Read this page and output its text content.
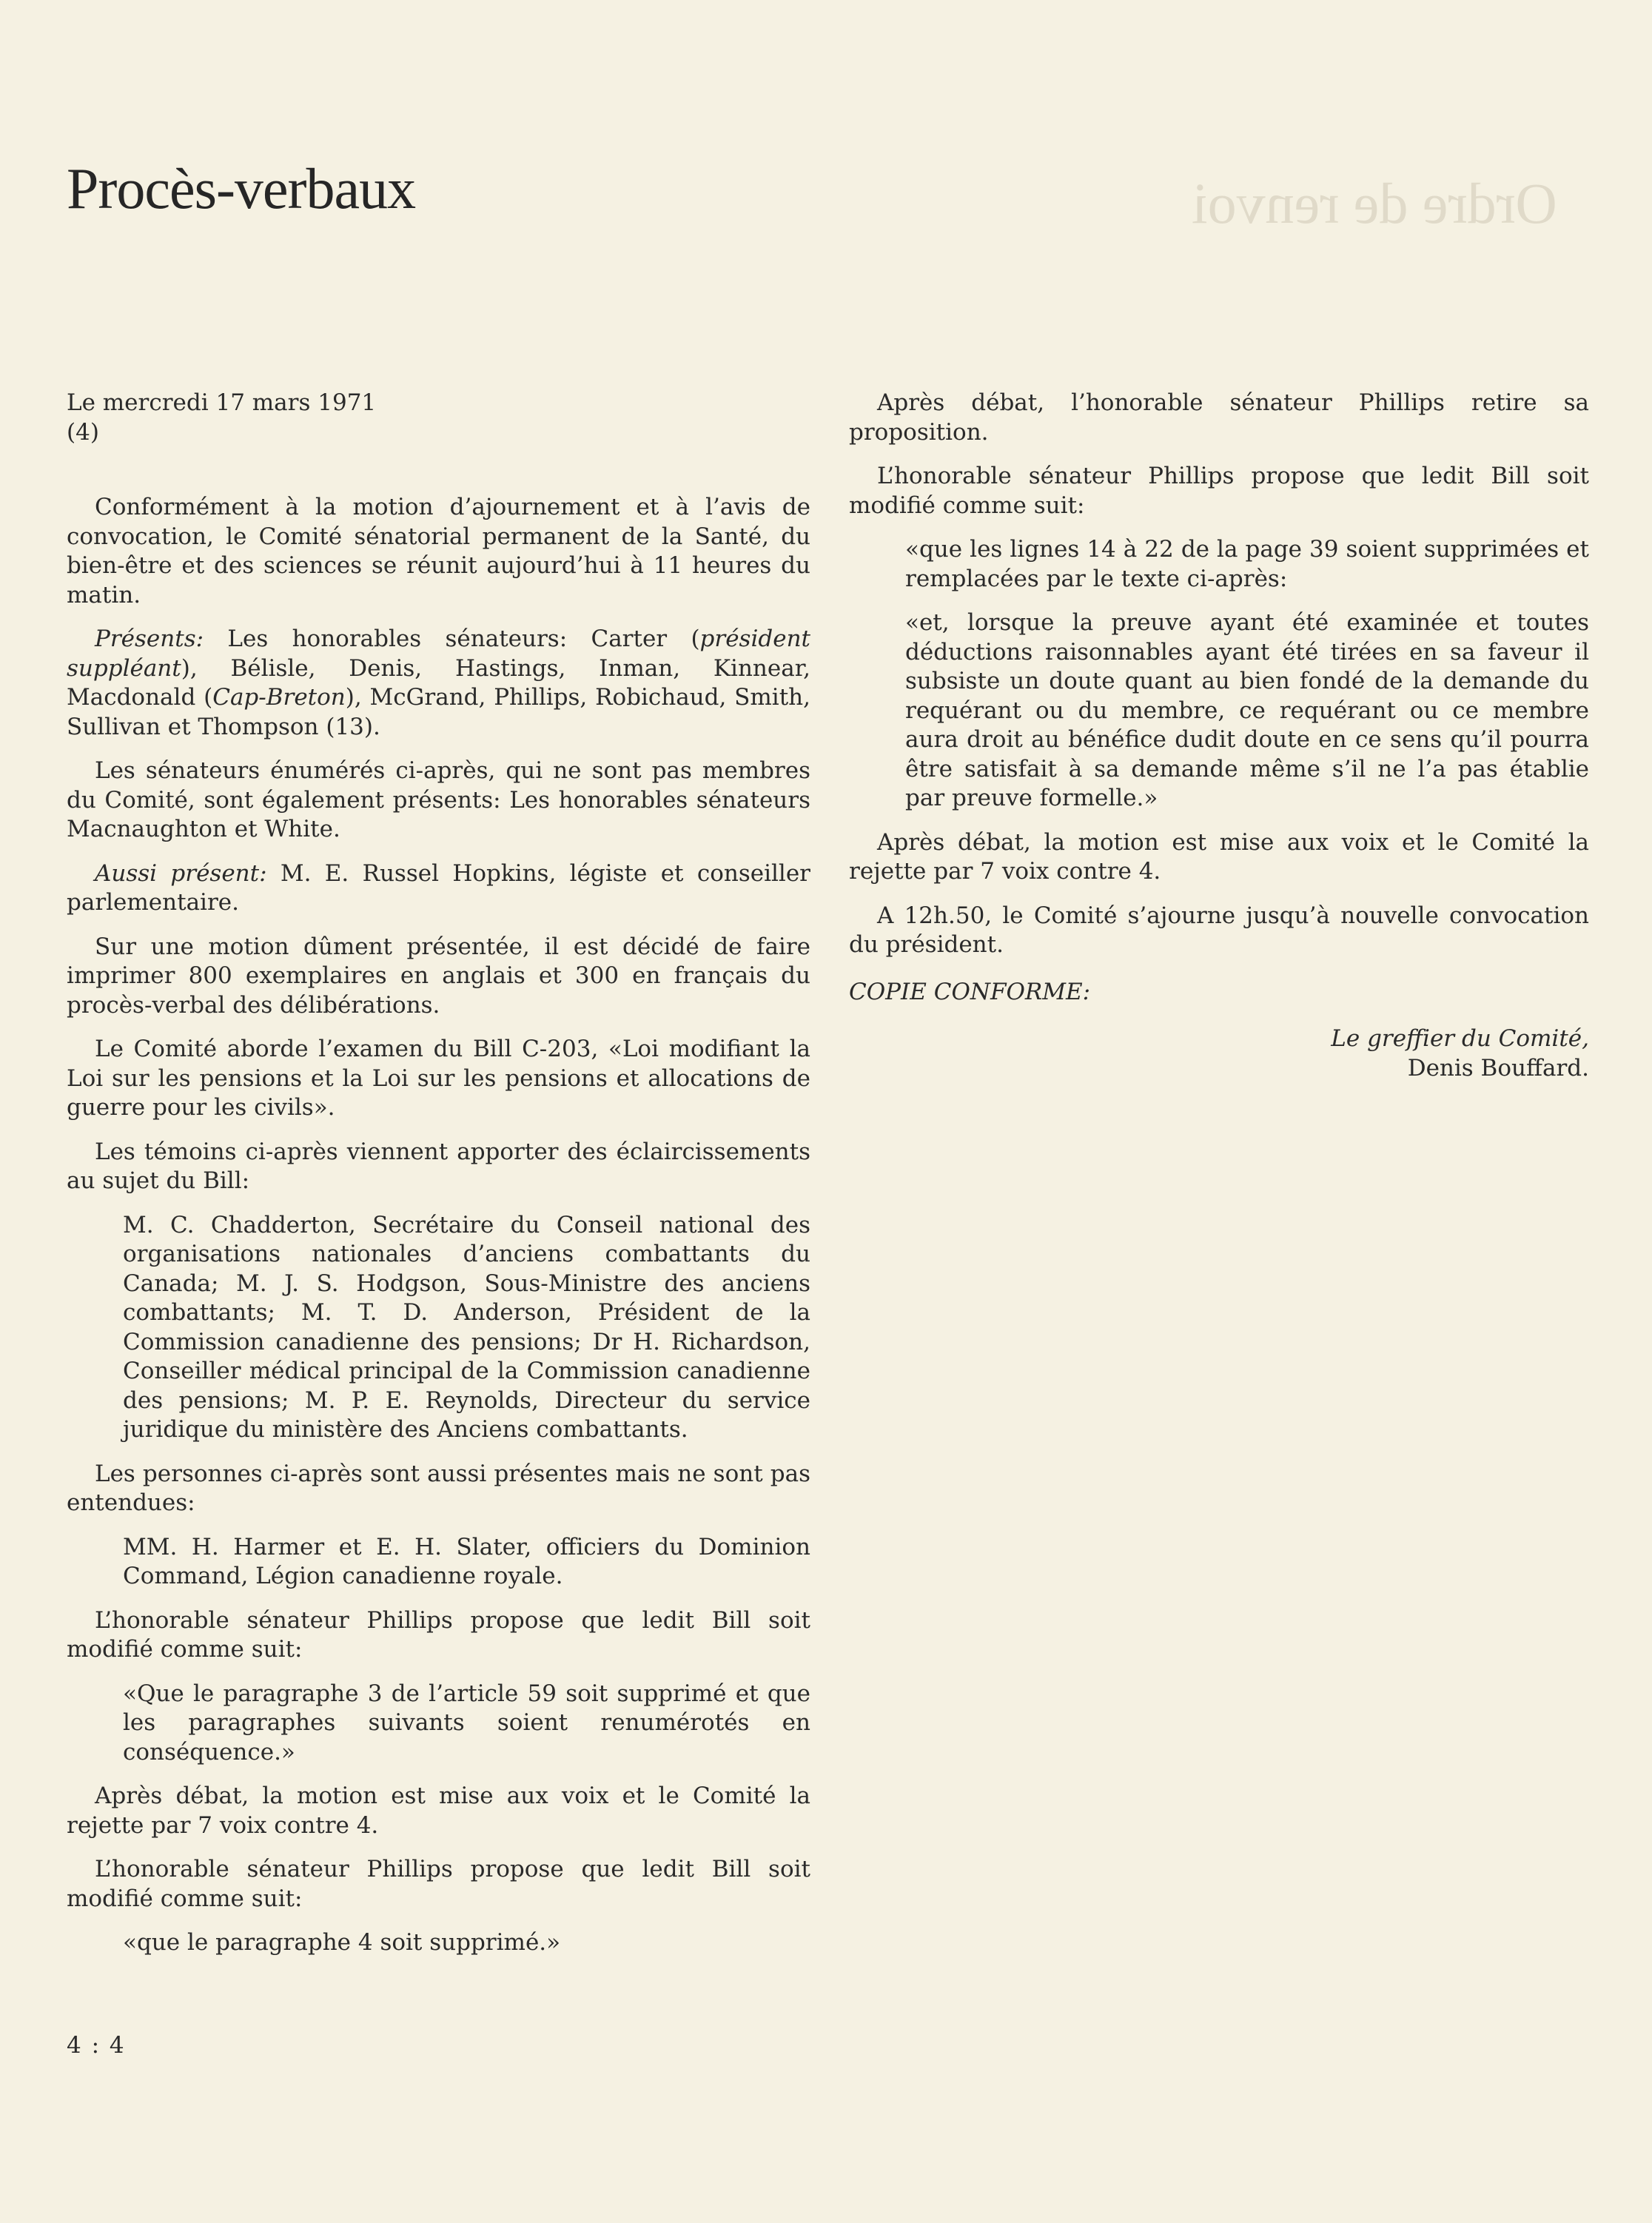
Ordre de renvoi
Procès-verbaux
Le mercredi 17 mars 1971
(4)

Conformément à la motion d’ajournement et à l’avis de convocation, le Comité sénatorial permanent de la Santé, du bien-être et des sciences se réunit aujourd’hui à 11 heures du matin.

Présents: Les honorables sénateurs: Carter (président suppléant), Bélisle, Denis, Hastings, Inman, Kinnear, Macdonald (Cap-Breton), McGrand, Phillips, Robichaud, Smith, Sullivan et Thompson (13).

Les sénateurs énumérés ci-après, qui ne sont pas membres du Comité, sont également présents: Les honorables sénateurs Macnaughton et White.

Aussi présent: M. E. Russel Hopkins, légiste et conseiller parlementaire.

Sur une motion dûment présentée, il est décidé de faire imprimer 800 exemplaires en anglais et 300 en français du procès-verbal des délibérations.

Le Comité aborde l’examen du Bill C-203, «Loi modifiant la Loi sur les pensions et la Loi sur les pensions et allocations de guerre pour les civils».

Les témoins ci-après viennent apporter des éclaircissements au sujet du Bill:

M. C. Chadderton, Secrétaire du Conseil national des organisations nationales d’anciens combattants du Canada; M. J. S. Hodgson, Sous-Ministre des anciens combattants; M. T. D. Anderson, Président de la Commission canadienne des pensions; Dr H. Richardson, Conseiller médical principal de la Commission canadienne des pensions; M. P. E. Reynolds, Directeur du service juridique du ministère des Anciens combattants.

Les personnes ci-après sont aussi présentes mais ne sont pas entendues:

MM. H. Harmer et E. H. Slater, officiers du Dominion Command, Légion canadienne royale.

L’honorable sénateur Phillips propose que ledit Bill soit modifié comme suit:

«Que le paragraphe 3 de l’article 59 soit supprimé et que les paragraphes suivants soient renumérotés en conséquence.»

Après débat, la motion est mise aux voix et le Comité la rejette par 7 voix contre 4.

L’honorable sénateur Phillips propose que ledit Bill soit modifié comme suit:

«que le paragraphe 4 soit supprimé.»

Après débat, l’honorable sénateur Phillips retire sa proposition.

L’honorable sénateur Phillips propose que ledit Bill soit modifié comme suit:

«que les lignes 14 à 22 de la page 39 soient supprimées et remplacées par le texte ci-après:
«et, lorsque la preuve ayant été examinée et toutes déductions raisonnables ayant été tirées en sa faveur il subsiste un doute quant au bien fondé de la demande du requérant ou du membre, ce requérant ou ce membre aura droit au bénéfice dudit doute en ce sens qu’il pourra être satisfait à sa demande même s’il ne l’a pas établie par preuve formelle.»

Après débat, la motion est mise aux voix et le Comité la rejette par 7 voix contre 4.

A 12h.50, le Comité s’ajourne jusqu’à nouvelle convocation du président.

COPIE CONFORME:

Le greffier du Comité,
Denis Bouffard.
4 : 4
